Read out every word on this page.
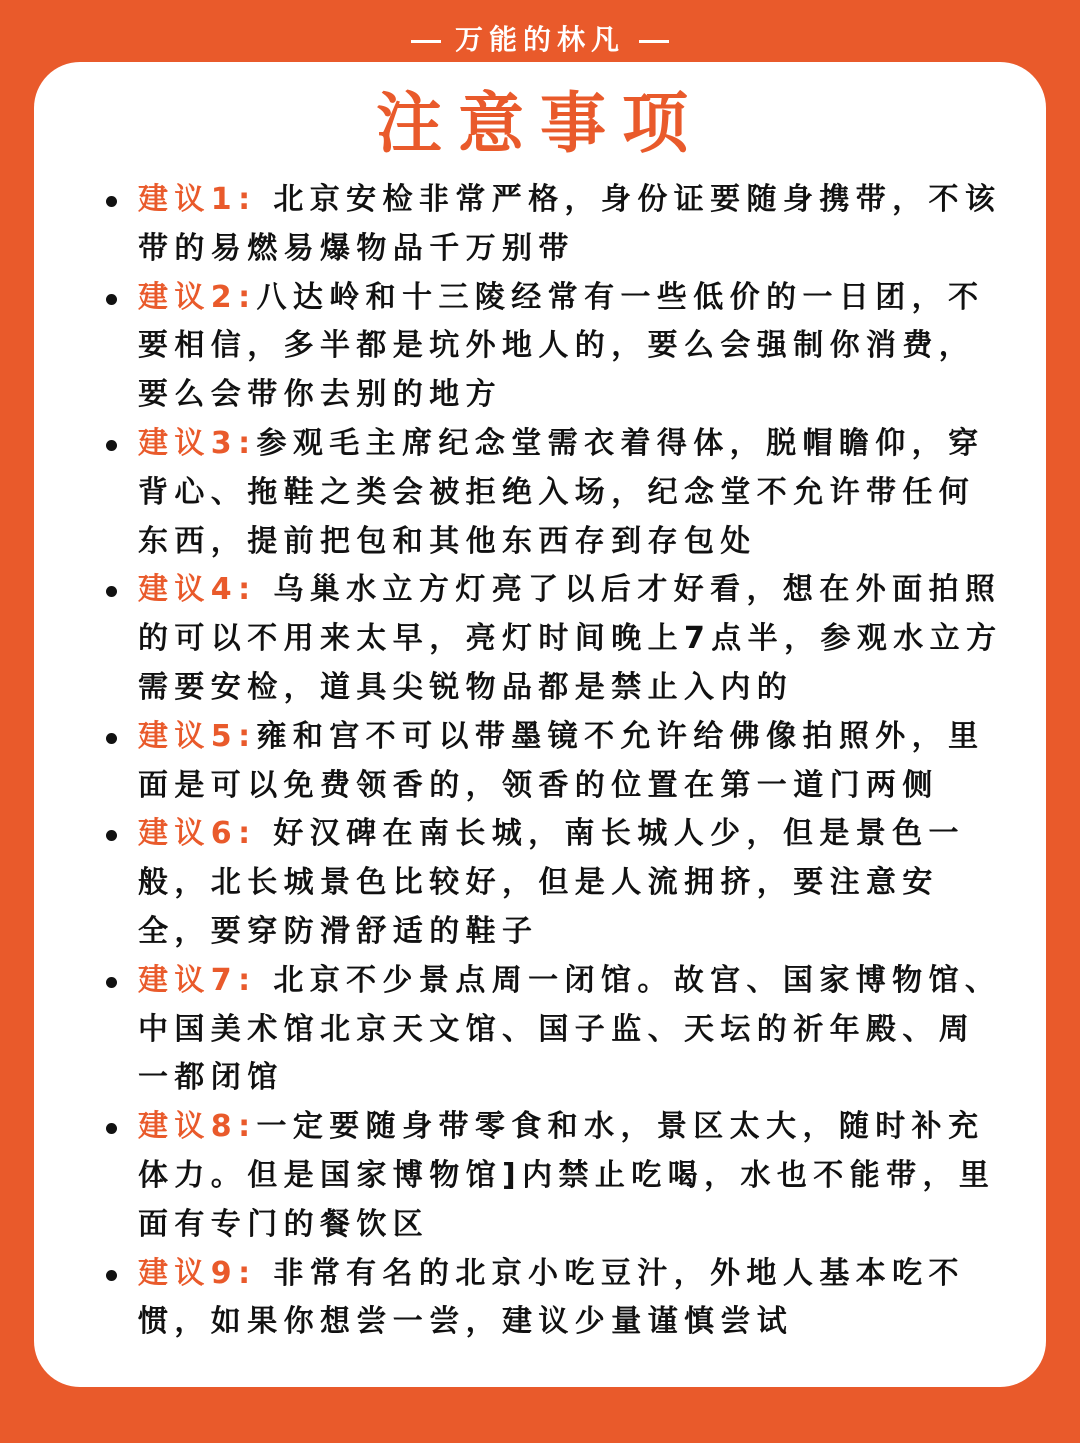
万能的林凡
注意事项
建议1: 北京安检非常严格，身份证要随身携带，不该带的易燃易爆物品千万别带
建议2:八达岭和十三陵经常有一些低价的一日团，不要相信，多半都是坑外地人的，要么会强制你消费，要么会带你去别的地方
建议3:参观毛主席纪念堂需衣着得体，脱帽瞻仰，穿背心、拖鞋之类会被拒绝入场，纪念堂不允许带任何东西，提前把包和其他东西存到存包处
建议4: 乌巢水立方灯亮了以后才好看，想在外面拍照的可以不用来太早，亮灯时间晚上7点半，参观水立方需要安检，道具尖锐物品都是禁止入内的
建议5:雍和宫不可以带墨镜不允许给佛像拍照外，里面是可以免费领香的，领香的位置在第一道门两侧
建议6: 好汉碑在南长城，南长城人少，但是景色一般，北长城景色比较好，但是人流拥挤，要注意安全，要穿防滑舒适的鞋子
建议7: 北京不少景点周一闭馆。故宫、国家博物馆、中国美术馆北京天文馆、国子监、天坛的祈年殿、周一都闭馆
建议8:一定要随身带零食和水，景区太大，随时补充体力。但是国家博物馆]内禁止吃喝，水也不能带，里面有专门的餐饮区
建议9: 非常有名的北京小吃豆汁，外地人基本吃不惯，如果你想尝一尝，建议少量谨慎尝试
